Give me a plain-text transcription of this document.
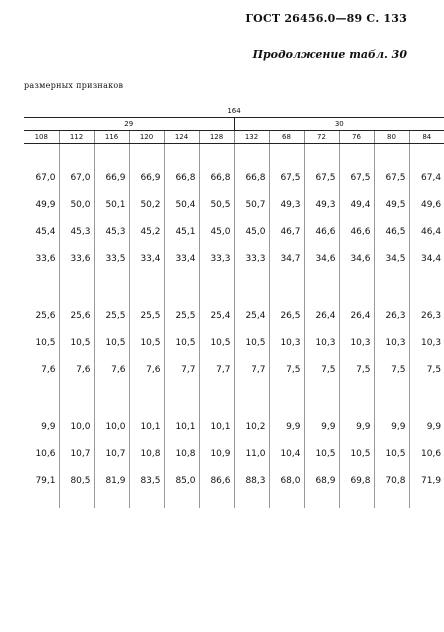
ГОСТ 26456.0—89 С. 133
Продолжение табл. 30
размерных признаков
164											
29						30					
108	112	116	120	124	128	132	68	72	76	80	84

67,0	67,0	66,9	66,9	66,8	66,8	66,8	67,5	67,5	67,5	67,5	67,4
49,9	50,0	50,1	50,2	50,4	50,5	50,7	49,3	49,3	49,4	49,5	49,6
45,4	45,3	45,3	45,2	45,1	45,0	45,0	46,7	46,6	46,6	46,5	46,4
33,6	33,6	33,5	33,4	33,4	33,3	33,3	34,7	34,6	34,6	34,5	34,4

25,6	25,6	25,5	25,5	25,5	25,4	25,4	26,5	26,4	26,4	26,3	26,3
10,5	10,5	10,5	10,5	10,5	10,5	10,5	10,3	10,3	10,3	10,3	10,3
7,6	7,6	7,6	7,6	7,7	7,7	7,7	7,5	7,5	7,5	7,5	7,5

9,9	10,0	10,0	10,1	10,1	10,1	10,2	9,9	9,9	9,9	9,9	9,9
10,6	10,7	10,7	10,8	10,8	10,9	11,0	10,4	10,5	10,5	10,5	10,6
79,1	80,5	81,9	83,5	85,0	86,6	88,3	68,0	68,9	69,8	70,8	71,9
